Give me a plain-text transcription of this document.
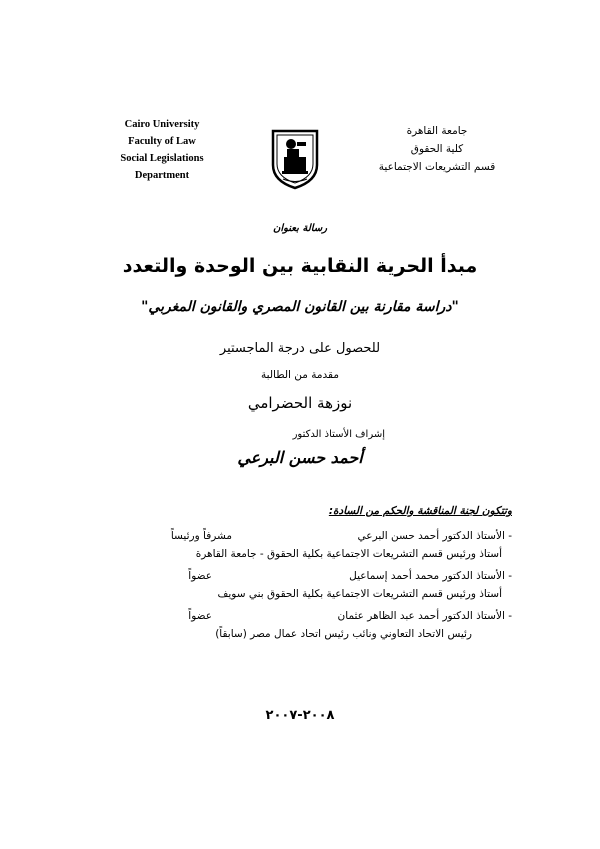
Cairo University
Faculty of Law
Social Legislations
Department
جامعة القاهرة
كلية الحقوق
قسم التشريعات الاجتماعية
رسالة بعنوان
مبدأ الحرية النقابية بين الوحدة والتعدد
"دراسة مقارنة بين القانون المصري والقانون المغربي"
للحصول على درجة الماجستير
مقدمة من الطالبة
نوزهة الحضرامي
إشراف الأستاذ الدكتور
أحمد حسن البرعي
وتتكون لجنة المناقشة والحكم من السادة:
- الأستاذ الدكتور أحمد حسن البرعي
مشرفاً ورئيساً
أستاذ ورئيس قسم التشريعات الاجتماعية بكلية الحقوق - جامعة القاهرة
- الأستاذ الدكتور محمد أحمد إسماعيل
عضواً
أستاذ ورئيس قسم التشريعات الاجتماعية بكلية الحقوق بني سويف
- الأستاذ الدكتور أحمد عبد الظاهر عثمان
عضواً
رئيس الاتحاد التعاوني ونائب رئيس اتحاد عمال مصر (سابقاً)
٢٠٠٨-٢٠٠٧
